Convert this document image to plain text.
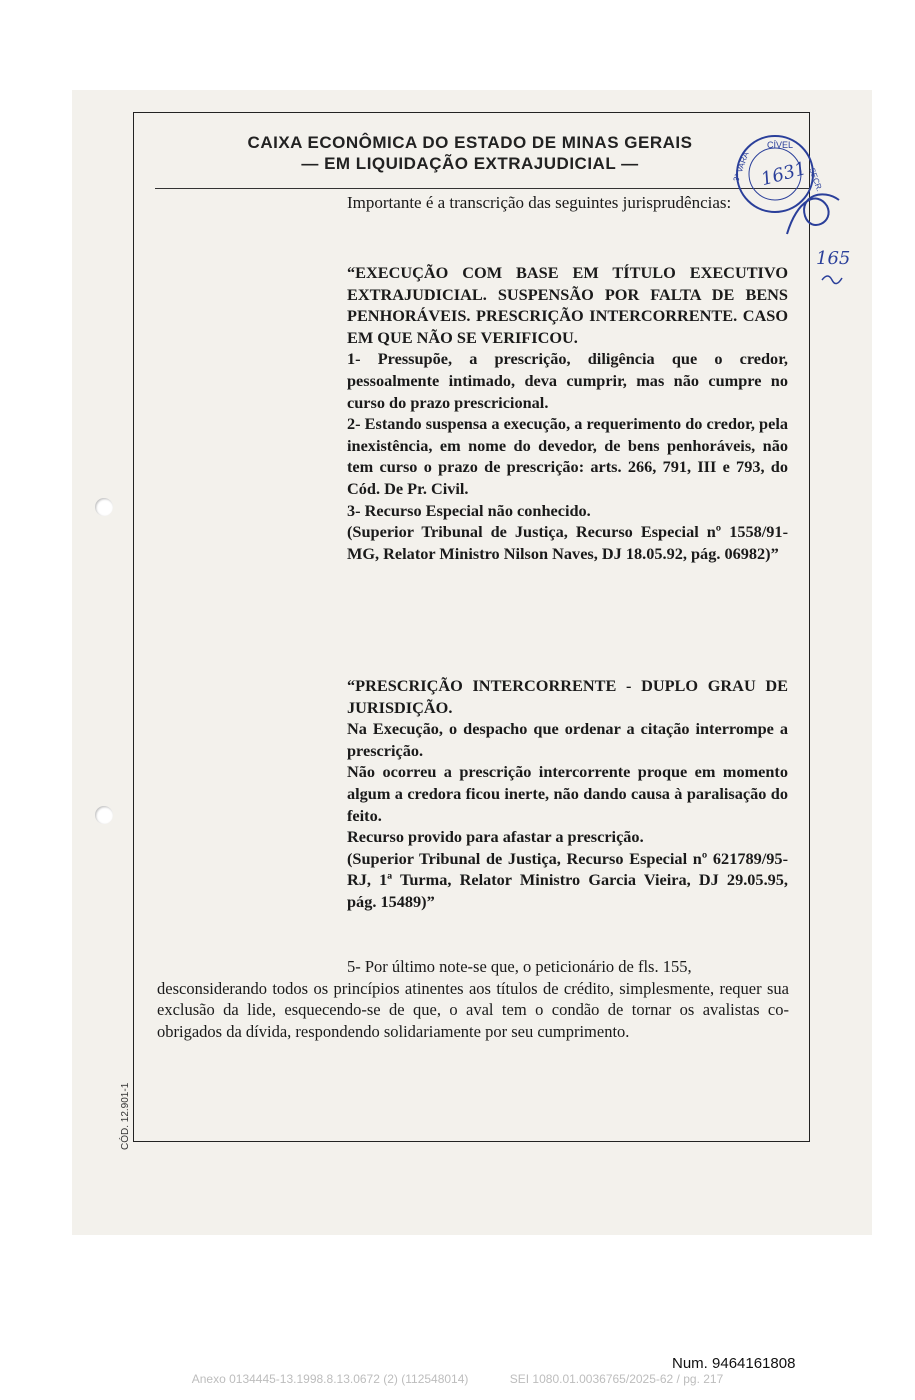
CAIXA ECONÔMICA DO ESTADO DE MINAS GERAIS
— EM LIQUIDAÇÃO EXTRAJUDICIAL —
Importante é a transcrição das seguintes jurisprudências:

“EXECUÇÃO COM BASE EM TÍTULO EXECUTIVO EXTRAJUDICIAL. SUSPENSÃO POR FALTA DE BENS PENHORÁVEIS. PRESCRIÇÃO INTERCORRENTE. CASO EM QUE NÃO SE VERIFICOU.

1- Pressupõe, a prescrição, diligência que o credor, pessoalmente intimado, deva cumprir, mas não cumpre no curso do prazo prescricional.

2- Estando suspensa a execução, a requerimento do credor, pela inexistência, em nome do devedor, de bens penhoráveis, não tem curso o prazo de prescrição: arts. 266, 791, III e 793, do Cód. De Pr. Civil.

3- Recurso Especial não conhecido.

(Superior Tribunal de Justiça, Recurso Especial nº 1558/91-MG, Relator Ministro Nilson Naves, DJ 18.05.92, pág. 06982)”

“PRESCRIÇÃO INTERCORRENTE - DUPLO GRAU DE JURISDIÇÃO.

Na Execução, o despacho que ordenar a citação interrompe a prescrição.

Não ocorreu a prescrição intercorrente proque em momento algum a credora ficou inerte, não dando causa à paralisação do feito.

Recurso provido para afastar a prescrição.

(Superior Tribunal de Justiça, Recurso Especial nº 621789/95-RJ, 1ª Turma, Relator Ministro Garcia Vieira, DJ 29.05.95, pág. 15489)”

5- Por último note-se que, o peticionário de fls. 155,
desconsiderando todos os princípios atinentes aos títulos de crédito, simplesmente, requer sua exclusão da lide, esquecendo-se de que, o aval tem o condão de tornar os avalistas co-obrigados da dívida, respondendo solidariamente por seu cumprimento.
CÓD. 12.901-1
CÍVEL
3ª VARA	SECR.
1631
165
Num. 9464161808
Anexo 0134445-13.1998.8.13.0672 (2) (112548014)	SEI 1080.01.0036765/2025-62 / pg. 217
